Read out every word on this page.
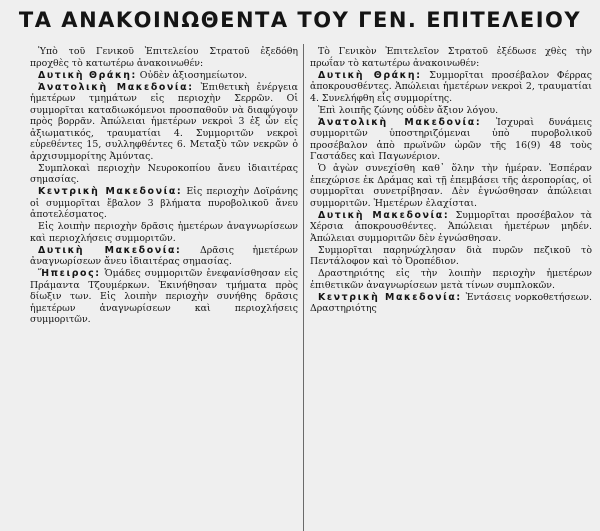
ΤΑ ΑΝΑΚΟΙΝΩΘΕΝΤΑ ΤΟΥ ΓΕΝ. ΕΠΙΤΕΛΕΙΟΥ

Ὑπὸ τοῦ Γενικοῦ Ἐπιτελείου Στρατοῦ ἐξεδόθη προχθὲς τὸ κατωτέρω ἀνακοινωθέν:

Δυτικὴ Θράκη: Οὐδὲν ἀξιοσημείωτον.

Ἀνατολικὴ Μακεδονία: Ἐπιθετικὴ ἐνέργεια ἡμετέρων τμημάτων εἰς περιοχὴν Σερρῶν. Οἱ συμμορῖται καταδιωκόμενοι προσπαθοῦν νὰ διαφύγουν πρὸς βορρᾶν. Ἀπώλειαι ἡμετέρων νεκροὶ 3 ἐξ ὧν εἷς ἀξιωματικός, τραυματίαι 4. Συμμοριτῶν νεκροὶ εὑρεθέντες 15, συλληφθέντες 6. Μεταξὺ τῶν νεκρῶν ὁ ἀρχισυμμορίτης Ἀμύντας.

Συμπλοκαὶ περιοχὴν Νευροκοπίου ἄνευ ἰδιαιτέρας σημασίας.

Κεντρικὴ Μακεδονία: Εἰς περιοχὴν Δοϊράνης οἱ συμμορῖται ἔβαλον 3 βλήματα πυροβολικοῦ ἄνευ ἀποτελέσματος.

Εἰς λοιπὴν περιοχὴν δρᾶσις ἡμετέρων ἀναγνωρίσεων καὶ περιοχλήσεις συμμοριτῶν.

Δυτικὴ Μακεδονία: Δρᾶσις ἡμετέρων ἀναγνωρίσεων ἄνευ ἰδιαιτέρας σημασίας.

Ἤπειρος: Ὁμάδες συμμοριτῶν ἐνεφανίσθησαν εἰς Πράμαντα Τζουμέρκων. Ἐκινήθησαν τμήματα πρὸς δίωξιν των. Εἰς λοιπὴν περιοχὴν συνήθης δρᾶσις ἡμετέρων ἀναγνωρίσεων καὶ περιοχλήσεις συμμοριτῶν.

Τὸ Γενικὸν Ἐπιτελεῖον Στρατοῦ ἐξέδωσε χθὲς τὴν πρωΐαν τὸ κατωτέρω ἀνακοινωθέν:

Δυτικὴ Θράκη: Συμμορῖται προσέβαλον Φέρρας ἀποκρουσθέντες. Ἀπώλειαι ἡμετέρων νεκροὶ 2, τραυματίαι 4. Συνελήφθη εἷς συμμορίτης.

Ἐπὶ λοιπῆς ζώνης οὐδὲν ἄξιον λόγου.

Ἀνατολικὴ Μακεδονία: Ἰσχυραὶ δυνάμεις συμμοριτῶν ὑποστηριζόμεναι ὑπὸ πυροβολικοῦ προσέβαλον ἀπὸ πρωϊνῶν ὡρῶν τῆς 16(9) 48 τοὺς Γαστάδες καὶ Παγωνέριον.

Ὁ ἀγὼν συνεχίσθη καθ᾽ ὅλην τὴν ἡμέραν. Ἐσπέραν ἐπεχώρισε ἐκ Δράμας καὶ τῇ ἐπεμβάσει τῆς ἀεροπορίας, οἱ συμμορῖται συνετρίβησαν. Δὲν ἐγνώσθησαν ἀπώλειαι συμμοριτῶν. Ἡμετέρων ἐλαχίσται.

Δυτικὴ Μακεδονία: Συμμορῖται προσέβαλον τὰ Χέρσια ἀποκρουσθέντες. Ἀπώλειαι ἡμετέρων μηδέν. Ἀπώλειαι συμμοριτῶν δὲν ἐγνώσθησαν.

Συμμορῖται παρηνώχλησαν διὰ πυρῶν πεζικοῦ τὸ Πεντάλοφον καὶ τὸ Ὀροπέδιον.

Δραστηριότης εἰς τὴν λοιπὴν περιοχὴν ἡμετέρων ἐπιθετικῶν ἀναγνωρίσεων μετὰ τίνων συμπλοκῶν.

Κεντρικὴ Μακεδονία: Ἐντάσεις νορκοθετήσεων. Δραστηριότης
